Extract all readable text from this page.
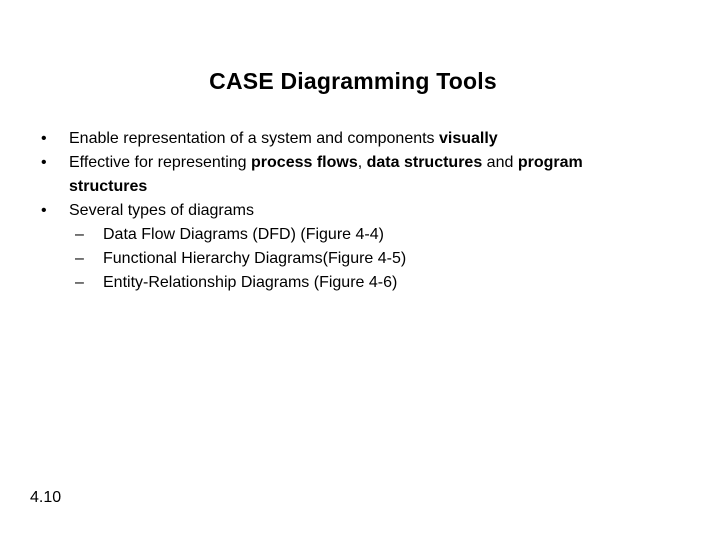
CASE Diagramming Tools
• Enable representation of a system and components visually
• Effective for representing process flows, data structures and program structures
• Several types of diagrams
– Data Flow Diagrams (DFD) (Figure 4-4)
– Functional Hierarchy Diagrams(Figure 4-5)
– Entity-Relationship Diagrams (Figure 4-6)
4.10
